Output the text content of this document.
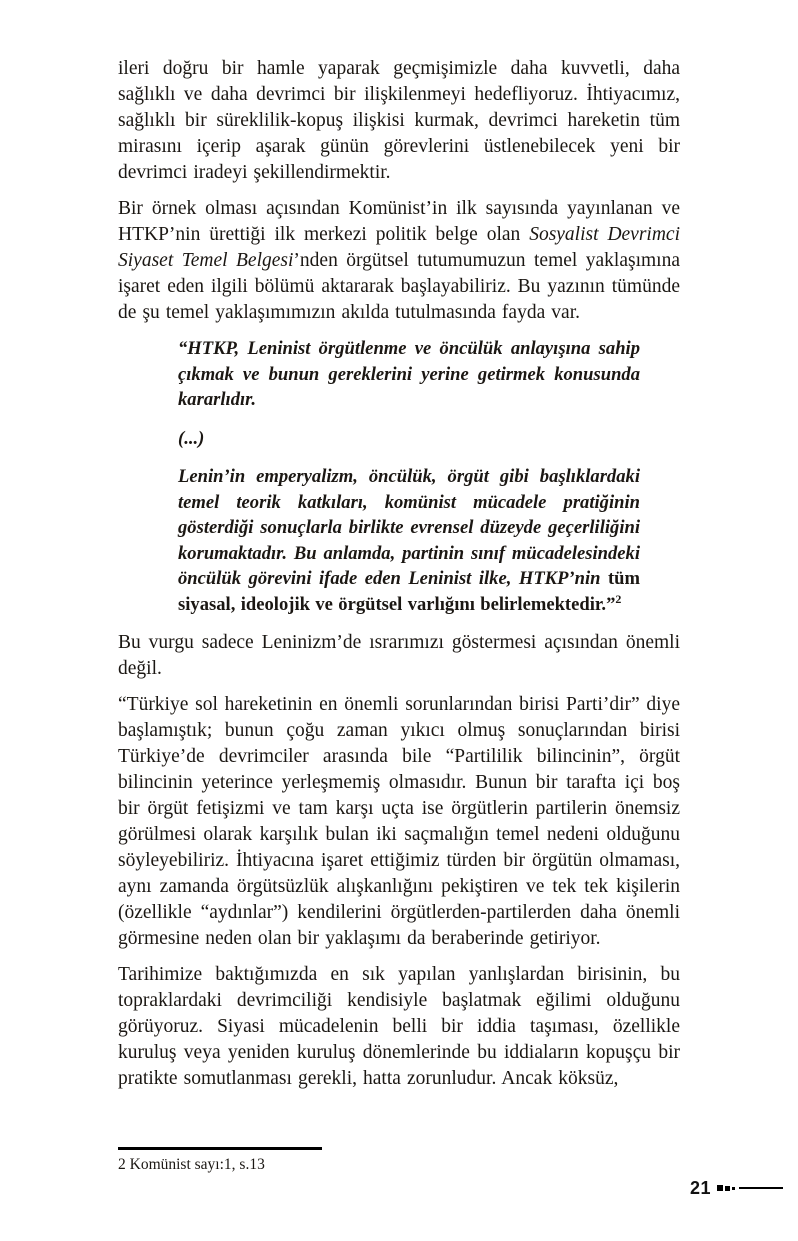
ileri doğru bir hamle yaparak geçmişimizle daha kuvvetli, daha sağlıklı ve daha devrimci bir ilişkilenmeyi hedefliyoruz. İhtiyacımız, sağlıklı bir süreklilik-kopuş ilişkisi kurmak, devrimci hareketin tüm mirasını içerip aşarak günün görevlerini üstlenebilecek yeni bir devrimci iradeyi şekillendirmektir.

Bir örnek olması açısından Komünist’in ilk sayısında yayınlanan ve HTKP’nin ürettiği ilk merkezi politik belge olan Sosyalist Devrimci Siyaset Temel Belgesi’nden örgütsel tutumumuzun temel yaklaşımına işaret eden ilgili bölümü aktararak başlayabiliriz. Bu yazının tümünde de şu temel yaklaşımımızın akılda tutulmasında fayda var.

“HTKP, Leninist örgütlenme ve öncülük anlayışına sahip çıkmak ve bunun gereklerini yerine getirmek konusunda kararlıdır.

(...)

Lenin’in emperyalizm, öncülük, örgüt gibi başlıklardaki temel teorik katkıları, komünist mücadele pratiğinin gösterdiği sonuçlarla birlikte evrensel düzeyde geçerliliğini korumaktadır. Bu anlamda, partinin sınıf mücadelesindeki öncülük görevini ifade eden Leninist ilke, HTKP’nin tüm siyasal, ideolojik ve örgütsel varlığını belirlemektedir.”$^2$

Bu vurgu sadece Leninizm’de ısrarımızı göstermesi açısından önemli değil.

“Türkiye sol hareketinin en önemli sorunlarından birisi Parti’dir” diye başlamıştık; bunun çoğu zaman yıkıcı olmuş sonuçlarından birisi Türkiye’de devrimciler arasında bile “Partililik bilincinin”, örgüt bilincinin yeterince yerleşmemiş olmasıdır. Bunun bir tarafta içi boş bir örgüt fetişizmi ve tam karşı uçta ise örgütlerin partilerin önemsiz görülmesi olarak karşılık bulan iki saçmalığın temel nedeni olduğunu söyleyebiliriz. İhtiyacına işaret ettiğimiz türden bir örgütün olmaması, aynı zamanda örgütsüzlük alışkanlığını pekiştiren ve tek tek kişilerin (özellikle “aydınlar”) kendilerini örgütlerden-partilerden daha önemli görmesine neden olan bir yaklaşımı da beraberinde getiriyor.

Tarihimize baktığımızda en sık yapılan yanlışlardan birisinin, bu topraklardaki devrimciliği kendisiyle başlatmak eğilimi olduğunu görüyoruz. Siyasi mücadelenin belli bir iddia taşıması, özellikle kuruluş veya yeniden kuruluş dönemlerinde bu iddiaların kopuşçu bir pratikte somutlanması gerekli, hatta zorunludur. Ancak köksüz,

2 Komünist sayı:1, s.13
21
